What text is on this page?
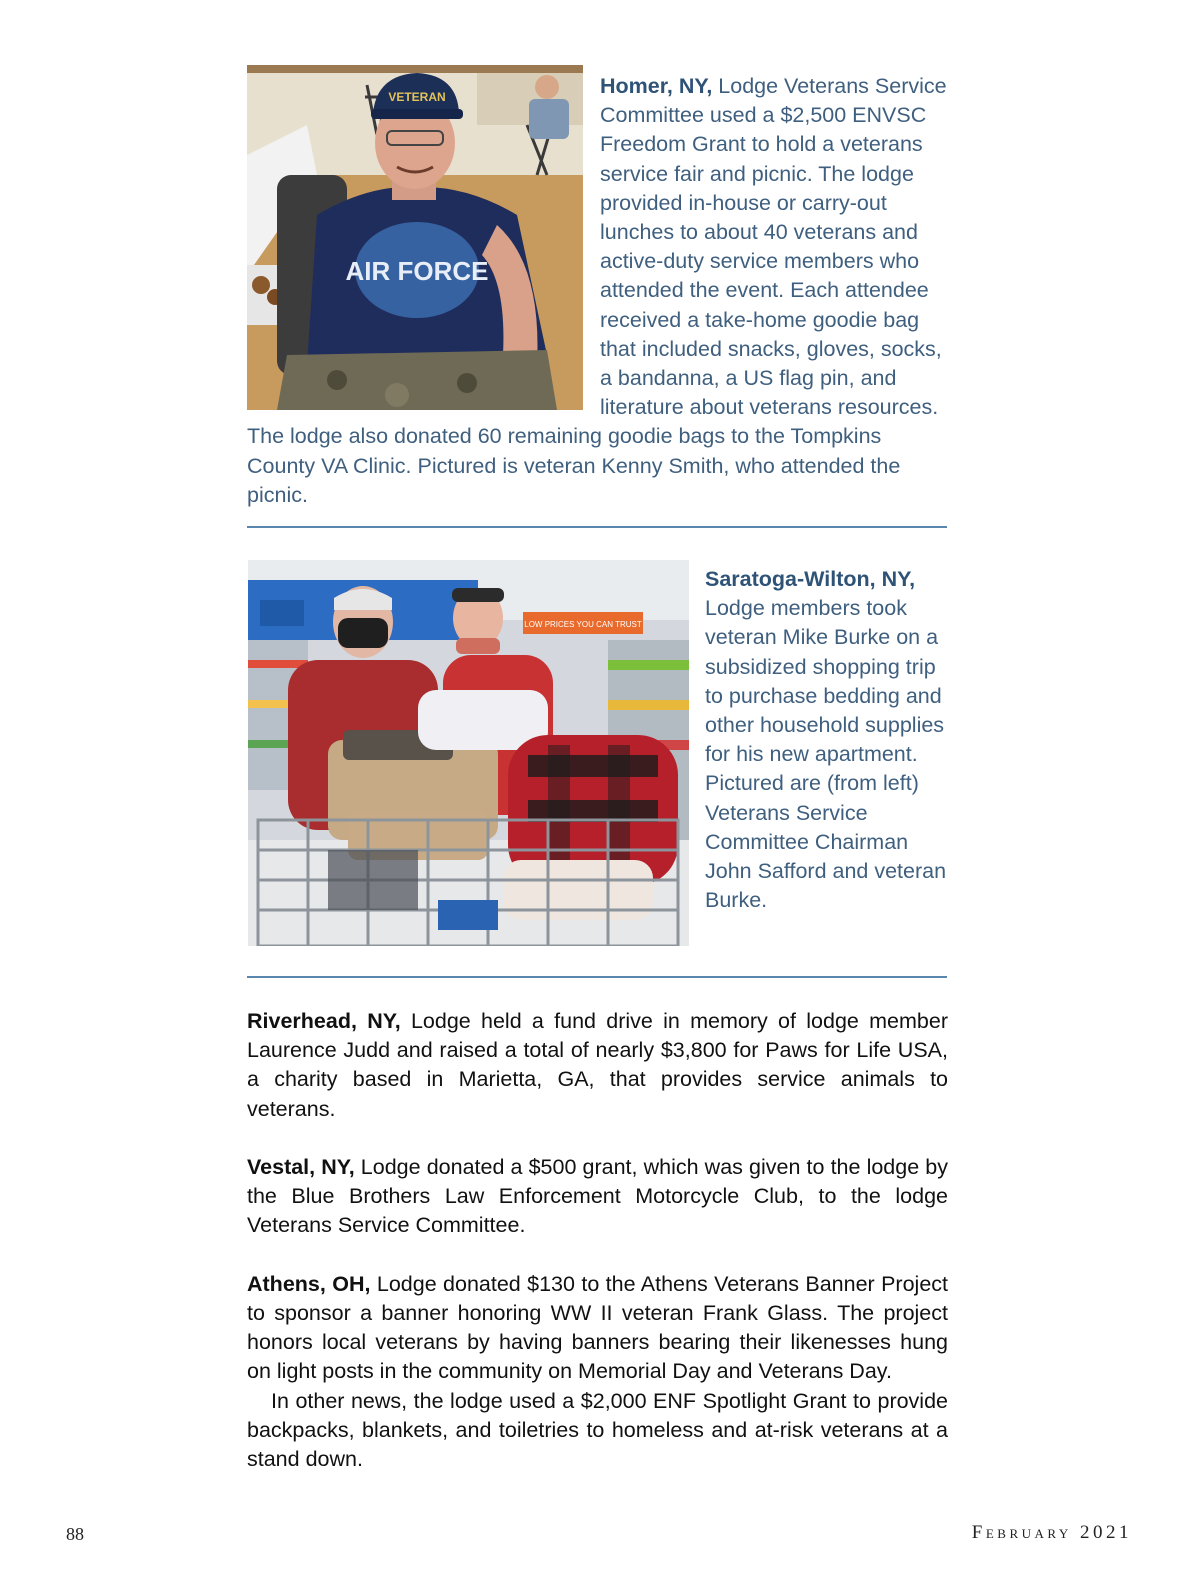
VETERAN
AIR FORCE
Homer, NY, Lodge Veterans Service Committee used a $2,500 ENVSC Freedom Grant to hold a veterans service fair and picnic. The lodge provided in-house or carry-out lunches to about 40 veterans and active-duty service members who attended the event. Each attendee received a take-home goodie bag that included snacks, gloves, socks, a bandanna, a US flag pin, and literature about veterans resources. The lodge also donated 60 remaining goodie bags to the Tompkins County VA Clinic. Pictured is veteran Kenny Smith, who attended the picnic.
LOW PRICES YOU CAN TRUST
Saratoga-Wilton, NY, Lodge members took veteran Mike Burke on a subsidized shopping trip to purchase bedding and other household supplies for his new apartment. Pictured are (from left) Veterans Service Committee Chairman John Safford and veteran Burke.

Riverhead, NY, Lodge held a fund drive in memory of lodge member Laurence Judd and raised a total of nearly $3,800 for Paws for Life USA, a charity based in Marietta, GA, that provides service animals to veterans.

Vestal, NY, Lodge donated a $500 grant, which was given to the lodge by the Blue Brothers Law Enforcement Motorcycle Club, to the lodge Veterans Service Committee.

Athens, OH, Lodge donated $130 to the Athens Veterans Banner Project to sponsor a banner honoring WW II veteran Frank Glass. The project honors local veterans by having banners bearing their likenesses hung on light posts in the community on Memorial Day and Veterans Day.

In other news, the lodge used a $2,000 ENF Spotlight Grant to provide backpacks, blankets, and toiletries to homeless and at-risk veterans at a stand down.

88	February 2021
